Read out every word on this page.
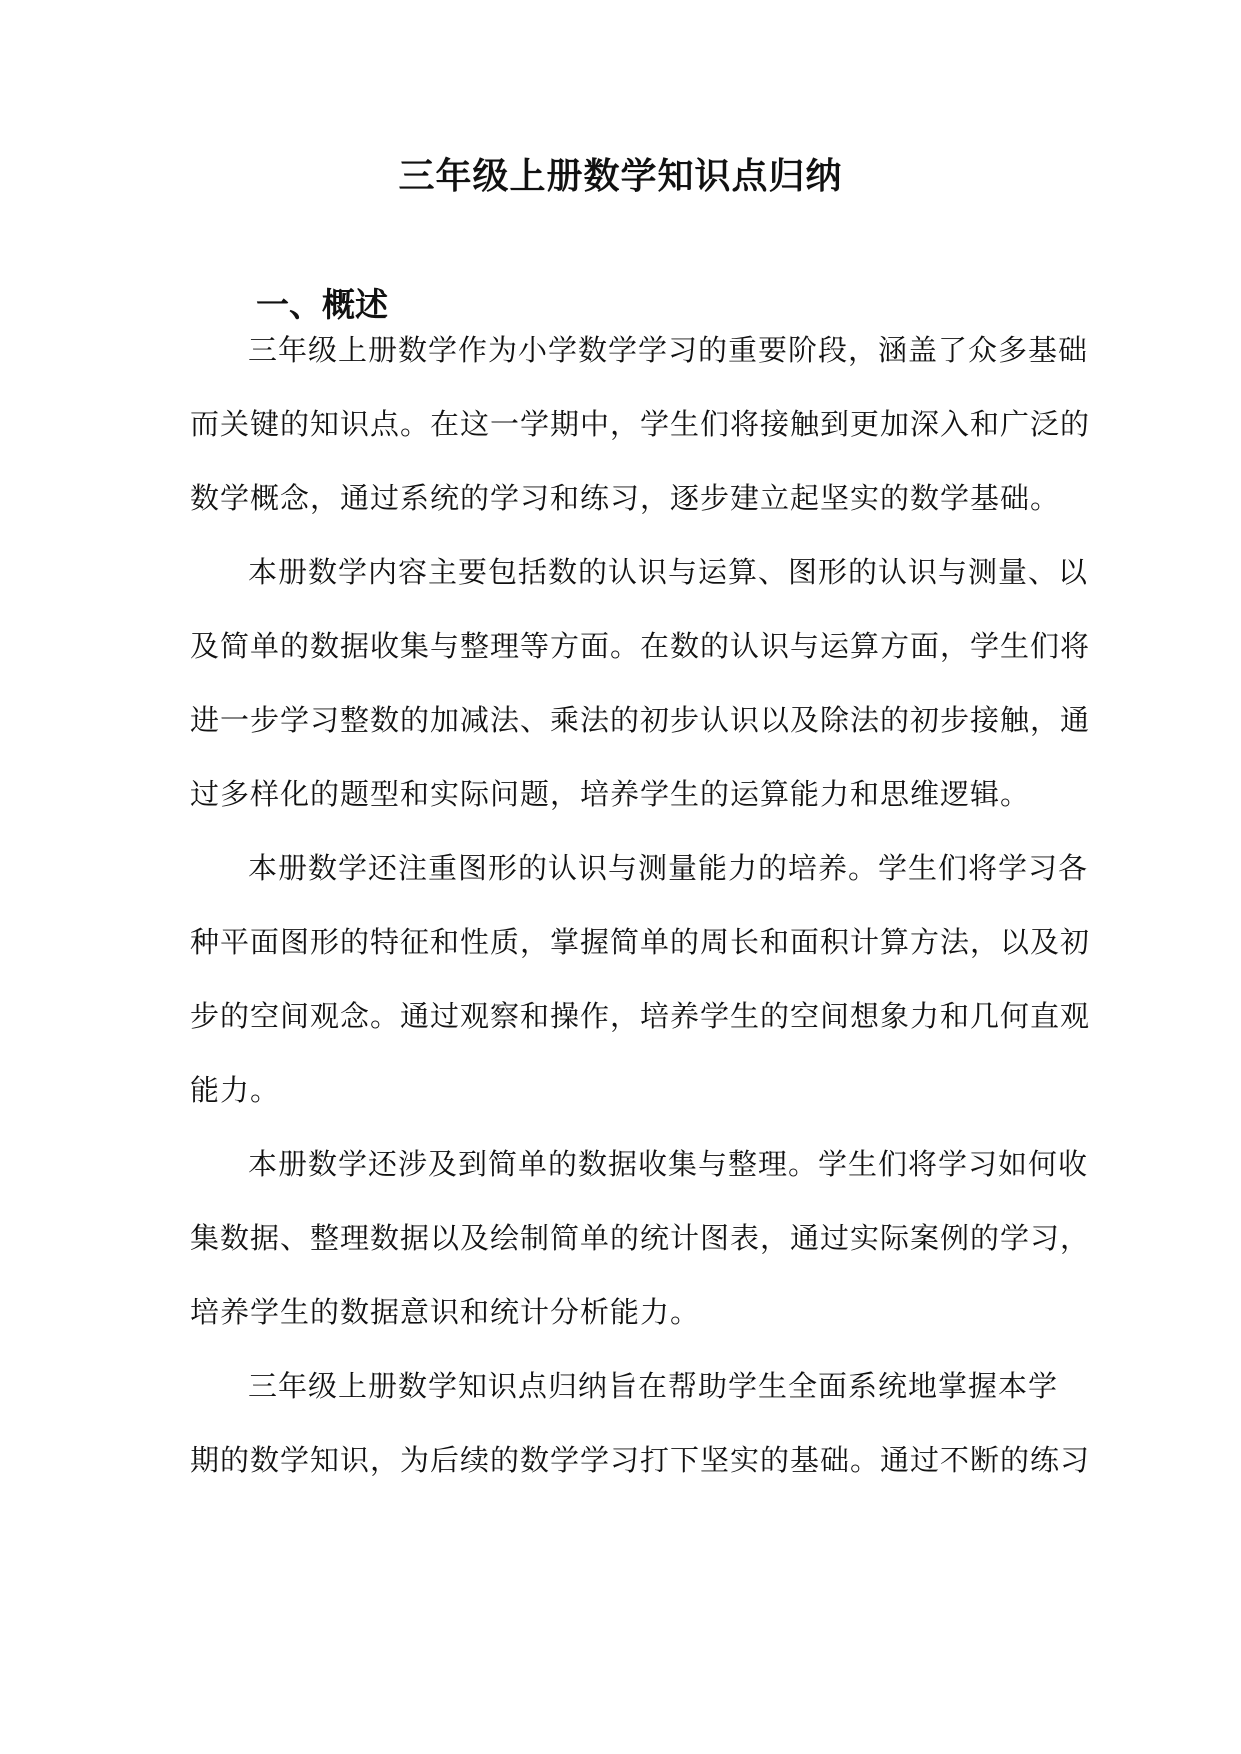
三年级上册数学知识点归纳
一、概述

三年级上册数学作为小学数学学习的重要阶段，涵盖了众多基础

而关键的知识点。在这一学期中，学生们将接触到更加深入和广泛的

数学概念，通过系统的学习和练习，逐步建立起坚实的数学基础。

本册数学内容主要包括数的认识与运算、图形的认识与测量、以

及简单的数据收集与整理等方面。在数的认识与运算方面，学生们将

进一步学习整数的加减法、乘法的初步认识以及除法的初步接触，通

过多样化的题型和实际问题，培养学生的运算能力和思维逻辑。

本册数学还注重图形的认识与测量能力的培养。学生们将学习各

种平面图形的特征和性质，掌握简单的周长和面积计算方法，以及初

步的空间观念。通过观察和操作，培养学生的空间想象力和几何直观

能力。

本册数学还涉及到简单的数据收集与整理。学生们将学习如何收

集数据、整理数据以及绘制简单的统计图表，通过实际案例的学习，

培养学生的数据意识和统计分析能力。

三年级上册数学知识点归纳旨在帮助学生全面系统地掌握本学

期的数学知识，为后续的数学学习打下坚实的基础。通过不断的练习
